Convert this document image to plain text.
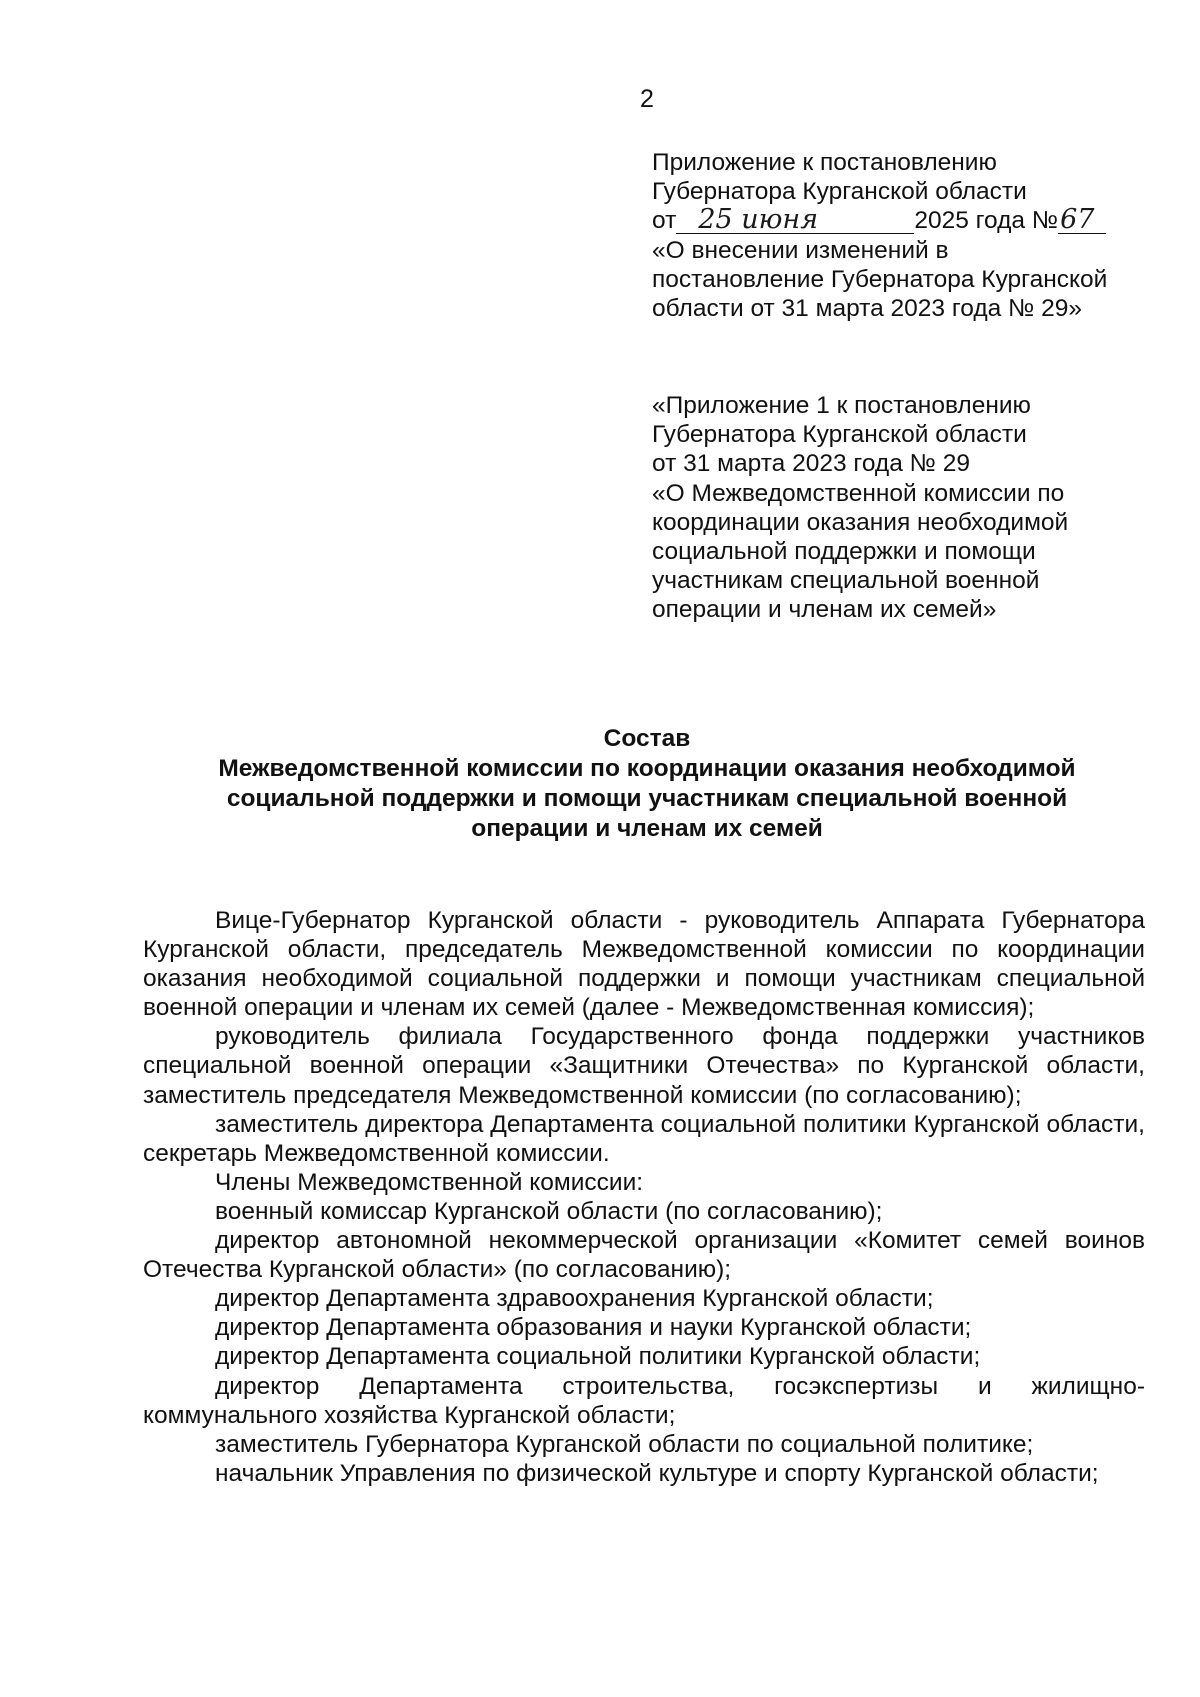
2
Приложение к постановлению
Губернатора Курганской области
от 25 июня	2025 года №67
«О внесении изменений в
постановление Губернатора Курганской
области от 31 марта 2023 года № 29»
«Приложение 1 к постановлению
Губернатора Курганской области
от 31 марта 2023 года № 29
«О Межведомственной комиссии по
координации оказания необходимой
социальной поддержки и помощи
участникам специальной военной
операции и членам их семей»
Состав
Межведомственной комиссии по координации оказания необходимой
социальной поддержки и помощи участникам специальной военной
операции и членам их семей

Вице-Губернатор Курганской области - руководитель Аппарата Губернатора Курганской области, председатель Межведомственной комиссии по координации оказания необходимой социальной поддержки и помощи участникам специальной военной операции и членам их семей (далее - Межведомственная комиссия);

руководитель филиала Государственного фонда поддержки участников специальной военной операции «Защитники Отечества» по Курганской области, заместитель председателя Межведомственной комиссии (по согласованию);

заместитель директора Департамента социальной политики Курганской области, секретарь Межведомственной комиссии.

Члены Межведомственной комиссии:

военный комиссар Курганской области (по согласованию);

директор автономной некоммерческой организации «Комитет семей воинов Отечества Курганской области» (по согласованию);

директор Департамента здравоохранения Курганской области;

директор Департамента образования и науки Курганской области;

директор Департамента социальной политики Курганской области;

директор Департамента строительства, госэкспертизы и жилищно-коммунального хозяйства Курганской области;

заместитель Губернатора Курганской области по социальной политике;

начальник Управления по физической культуре и спорту Курганской области;
